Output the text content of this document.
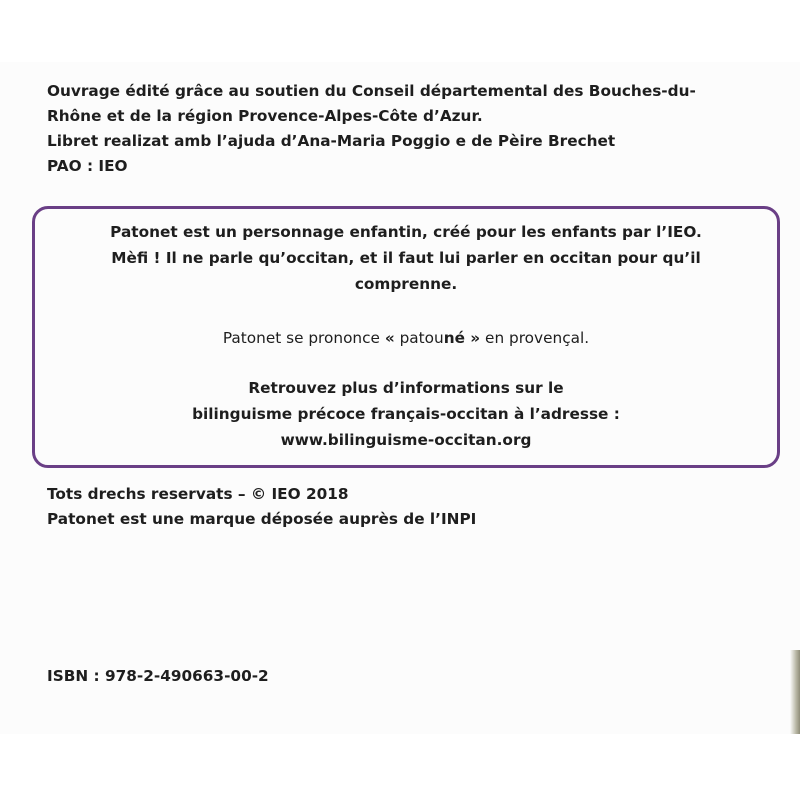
Ouvrage édité grâce au soutien du Conseil départemental des Bouches-du-
Rhône et de la région Provence-Alpes-Côte d’Azur.
Libret realizat amb l’ajuda d’Ana-Maria Poggio e de Pèire Brechet
PAO : IEO
Patonet est un personnage enfantin, créé pour les enfants par l’IEO.
Mèfi ! Il ne parle qu’occitan, et il faut lui parler en occitan pour qu’il
comprenne.
Patonet se prononce « patouné » en provençal.
Retrouvez plus d’informations sur le
bilinguisme précoce français-occitan à l’adresse :
www.bilinguisme-occitan.org
Tots drechs reservats – © IEO 2018
Patonet est une marque déposée auprès de l’INPI
ISBN : 978-2-490663-00-2
